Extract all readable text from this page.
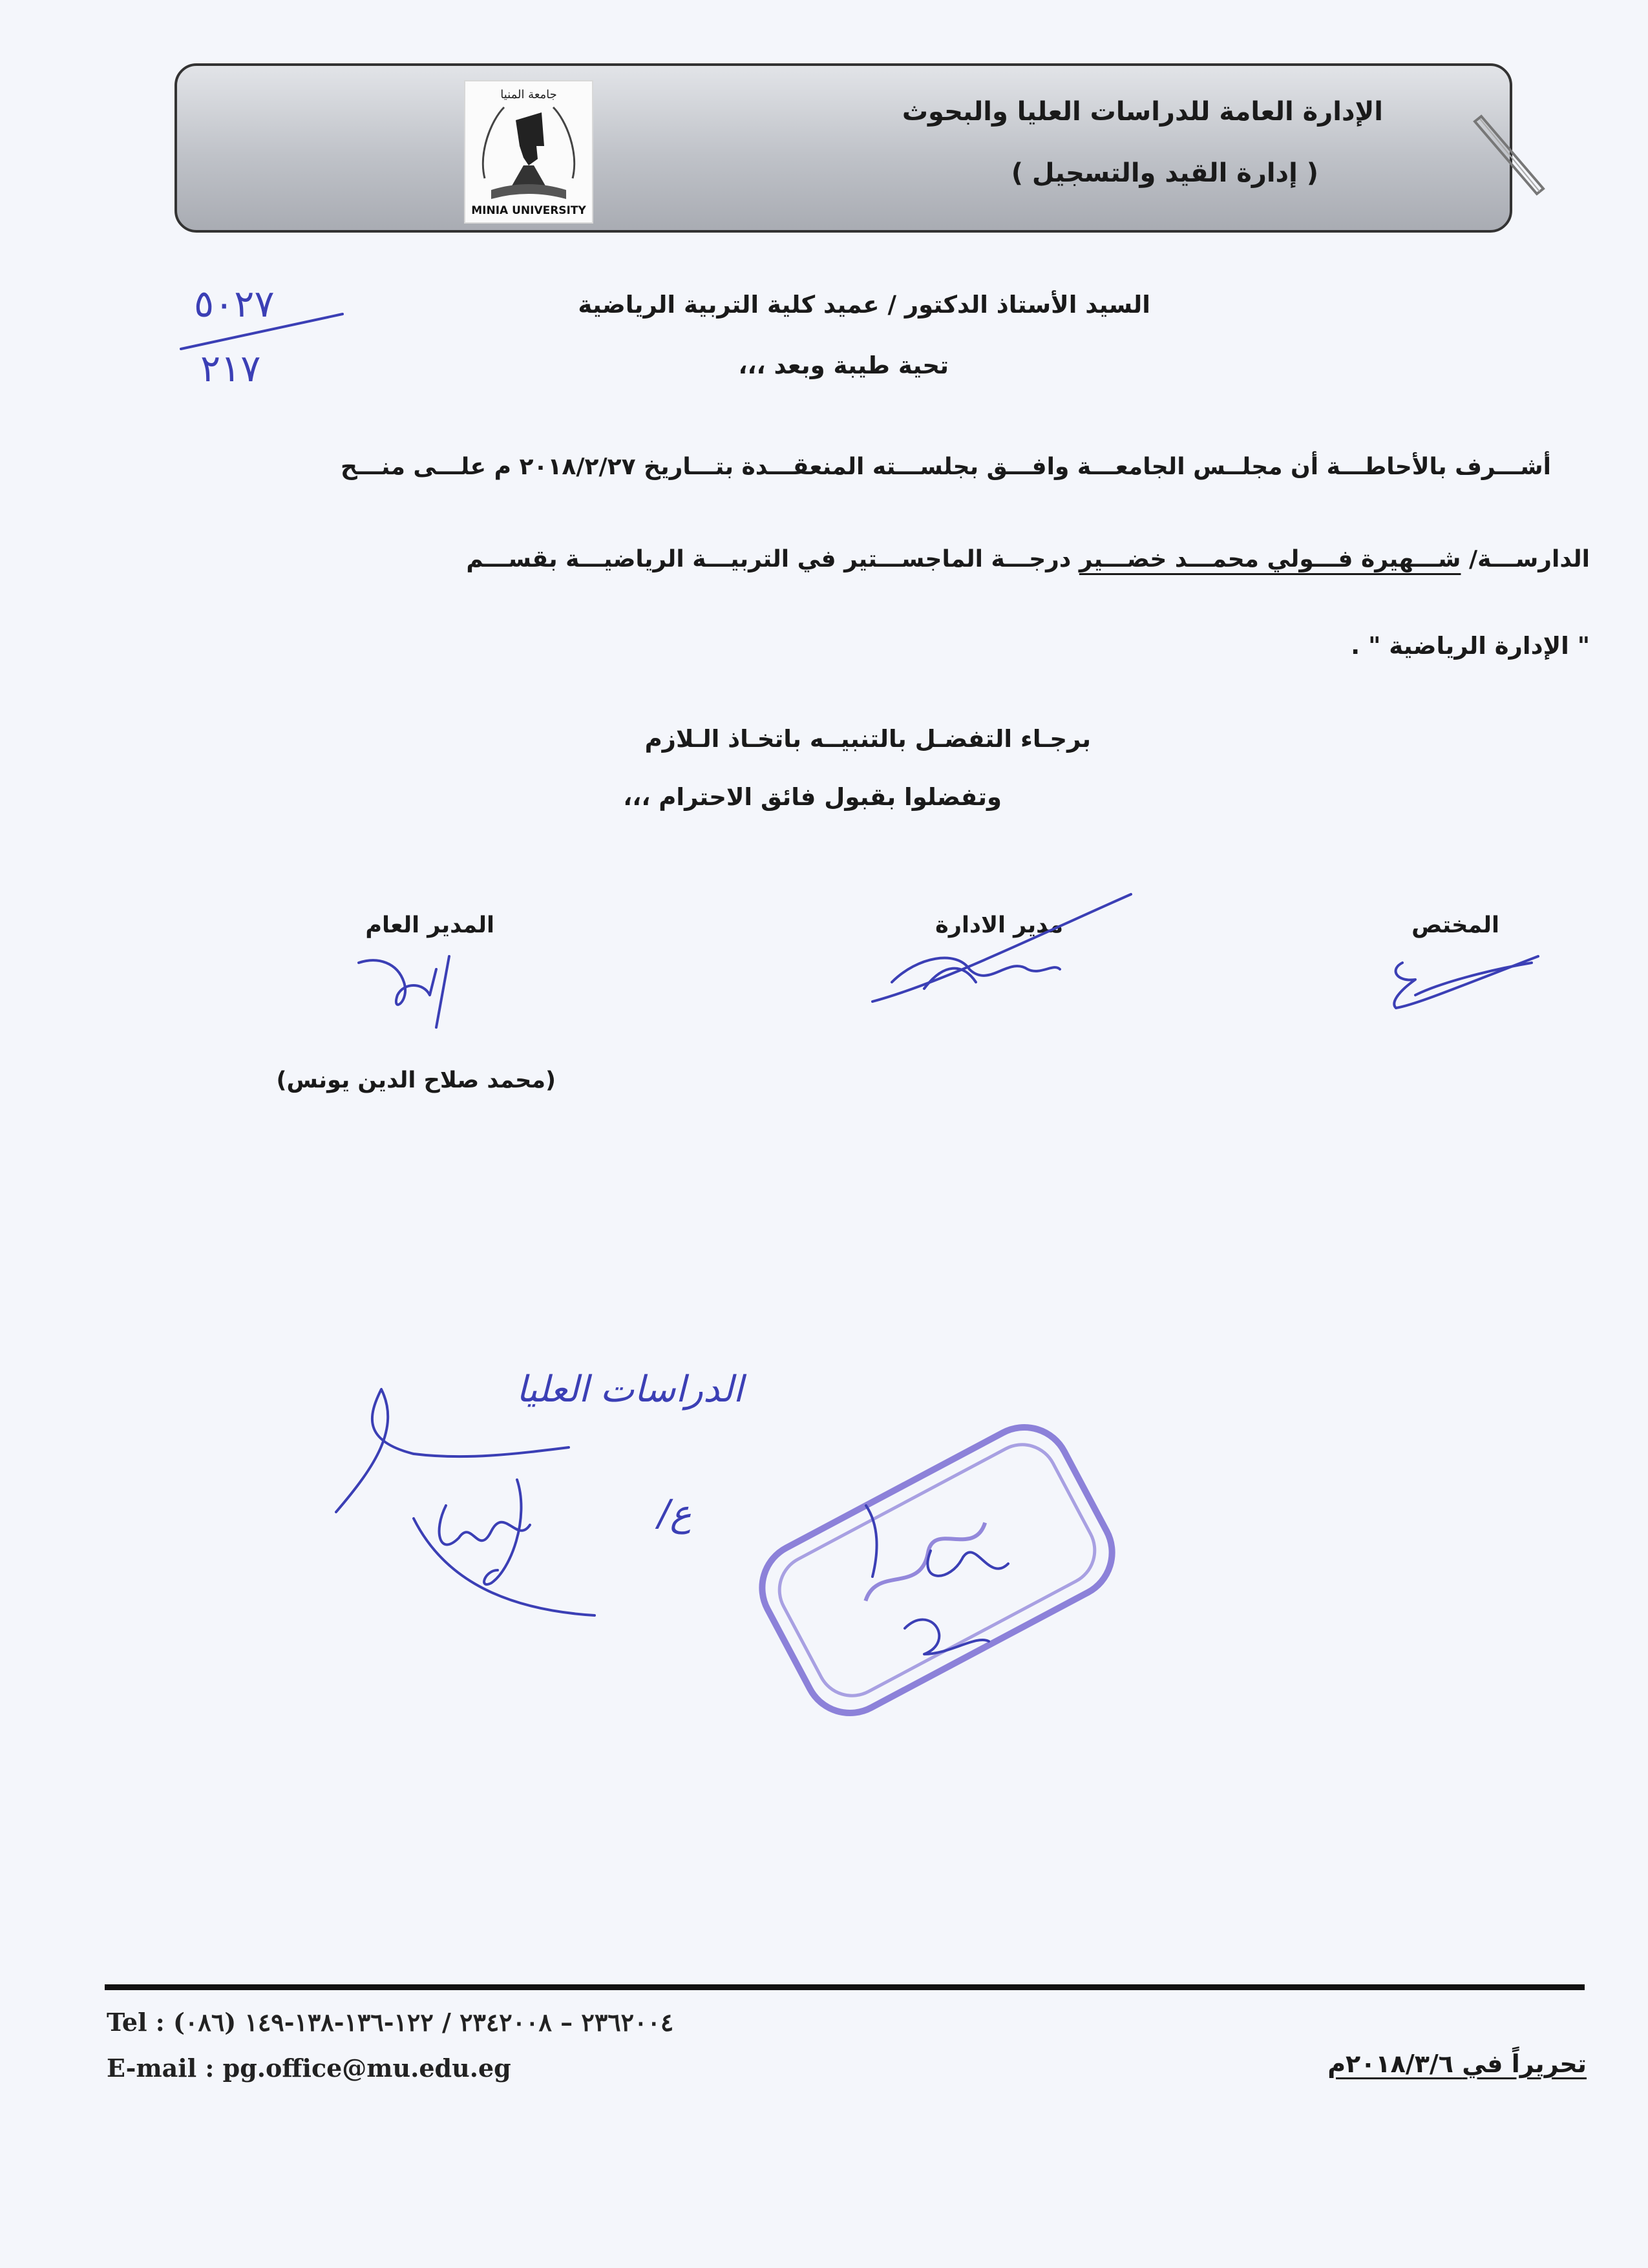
جامعة المنيا
MINIA UNIVERSITY
الإدارة العامة للدراسات العليا والبحوث
( إدارة القيد والتسجيل )
٥٠٢٧
٢١٧
السيد الأستاذ الدكتور / عميد كلية التربية الرياضية
تحية طيبة وبعد ،،،
أشـــرف بالأحاطـــة أن مجلــس الجامعـــة وافـــق بجلســـته المنعقـــدة بتـــاريخ ٢٠١٨/٢/٢٧ م علـــى منـــح
الدارســـة/ شـــهيرة فـــولي محمـــد خضـــير درجـــة الماجســـتير في التربيـــة الرياضيـــة بقســـم
" الإدارة الرياضية " .
برجـاء التفضـل بالتنبيــه باتخـاذ الـلازم
وتفضلوا بقبول فائق الاحترام ،،،
المختص
مدير الادارة
المدير العام
(محمد صلاح الدين يونس)
الدراسات العليا
ع/
Tel : (٠٨٦) ٢٣٦٢٠٠٤ – ٢٣٤٢٠٠٨ / ١٢٢-١٣٦-١٣٨-١٤٩
E-mail : pg.office@mu.edu.eg	تحريراً في ٢٠١٨/٣/٦م
